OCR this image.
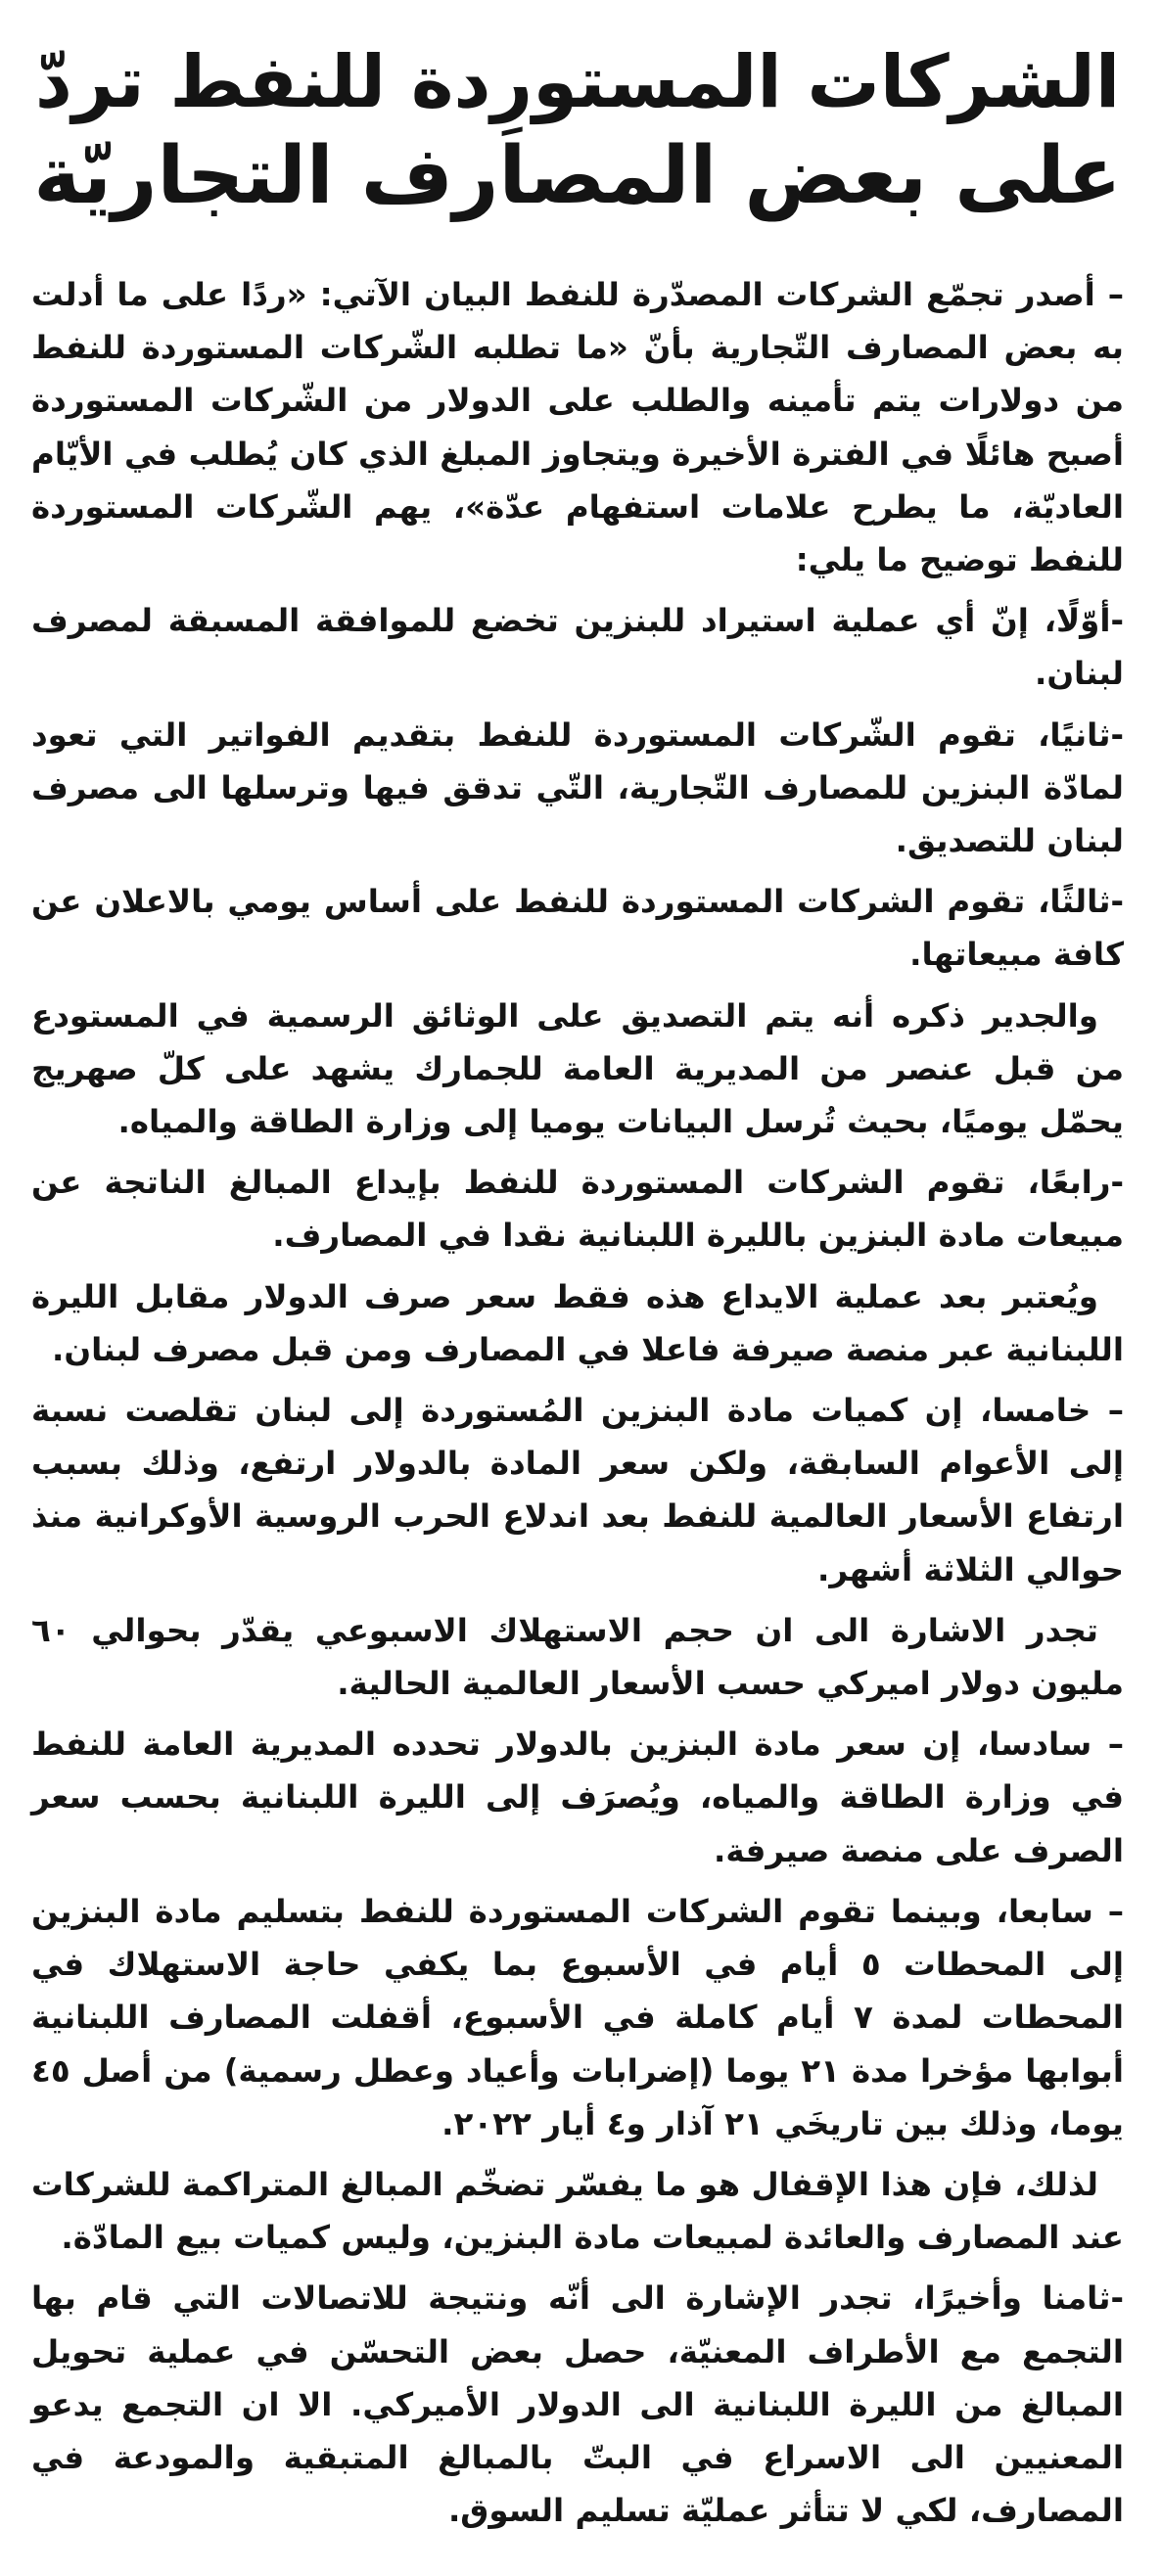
الشركات المستورِدة للنفط تردّ
على بعض المصارف التجاريّة

– أصدر تجمّع الشركات المصدّرة للنفط البيان الآتي: «ردًا على ما أدلت به بعض المصارف التّجارية بأنّ «ما تطلبه الشّركات المستوردة للنفط من دولارات يتم تأمينه والطلب على الدولار من الشّركات المستوردة أصبح هائلًا في الفترة الأخيرة ويتجاوز المبلغ الذي كان يُطلب في الأيّام العاديّة، ما يطرح علامات استفهام عدّة»، يهم الشّركات المستوردة للنفط توضيح ما يلي:

-أوّلًا، إنّ أي عملية استيراد للبنزين تخضع للموافقة المسبقة لمصرف لبنان.

-ثانيًا، تقوم الشّركات المستوردة للنفط بتقديم الفواتير التي تعود لمادّة البنزين للمصارف التّجارية، التّي تدقق فيها وترسلها الى مصرف لبنان للتصديق.

-ثالثًا، تقوم الشركات المستوردة للنفط على أساس يومي بالاعلان عن كافة مبيعاتها.

والجدير ذكره أنه يتم التصديق على الوثائق الرسمية في المستودع من قبل عنصر من المديرية العامة للجمارك يشهد على كلّ صهريج يحمّل يوميًا، بحيث تُرسل البيانات يوميا إلى وزارة الطاقة والمياه.

-رابعًا، تقوم الشركات المستوردة للنفط بإيداع المبالغ الناتجة عن مبيعات مادة البنزين بالليرة اللبنانية نقدا في المصارف.

ويُعتبر بعد عملية الايداع هذه فقط سعر صرف الدولار مقابل الليرة اللبنانية عبر منصة صيرفة فاعلا في المصارف ومن قبل مصرف لبنان.

– خامسا، إن كميات مادة البنزين المُستوردة إلى لبنان تقلصت نسبة إلى الأعوام السابقة، ولكن سعر المادة بالدولار ارتفع، وذلك بسبب ارتفاع الأسعار العالمية للنفط بعد اندلاع الحرب الروسية الأوكرانية منذ حوالي الثلاثة أشهر.

تجدر الاشارة الى ان حجم الاستهلاك الاسبوعي يقدّر بحوالي ٦٠ مليون دولار اميركي حسب الأسعار العالمية الحالية.

– سادسا، إن سعر مادة البنزين بالدولار تحدده المديرية العامة للنفط في وزارة الطاقة والمياه، ويُصرَف إلى الليرة اللبنانية بحسب سعر الصرف على منصة صيرفة.

– سابعا، وبينما تقوم الشركات المستوردة للنفط بتسليم مادة البنزين إلى المحطات ٥ أيام في الأسبوع بما يكفي حاجة الاستهلاك في المحطات لمدة ٧ أيام كاملة في الأسبوع، أقفلت المصارف اللبنانية أبوابها مؤخرا مدة ٢١ يوما (إضرابات وأعياد وعطل رسمية) من أصل ٤٥ يوما، وذلك بين تاريخَي ٢١ آذار و٤ أيار ٢٠٢٢.

لذلك، فإن هذا الإقفال هو ما يفسّر تضخّم المبالغ المتراكمة للشركات عند المصارف والعائدة لمبيعات مادة البنزين، وليس كميات بيع المادّة.

-ثامنا وأخيرًا، تجدر الإشارة الى أنّه ونتيجة للاتصالات التي قام بها التجمع مع الأطراف المعنيّة، حصل بعض التحسّن في عملية تحويل المبالغ من الليرة اللبنانية الى الدولار الأميركي. الا ان التجمع يدعو المعنيين الى الاسراع في البتّ بالمبالغ المتبقية والمودعة في المصارف، لكي لا تتأثر عمليّة تسليم السوق.
